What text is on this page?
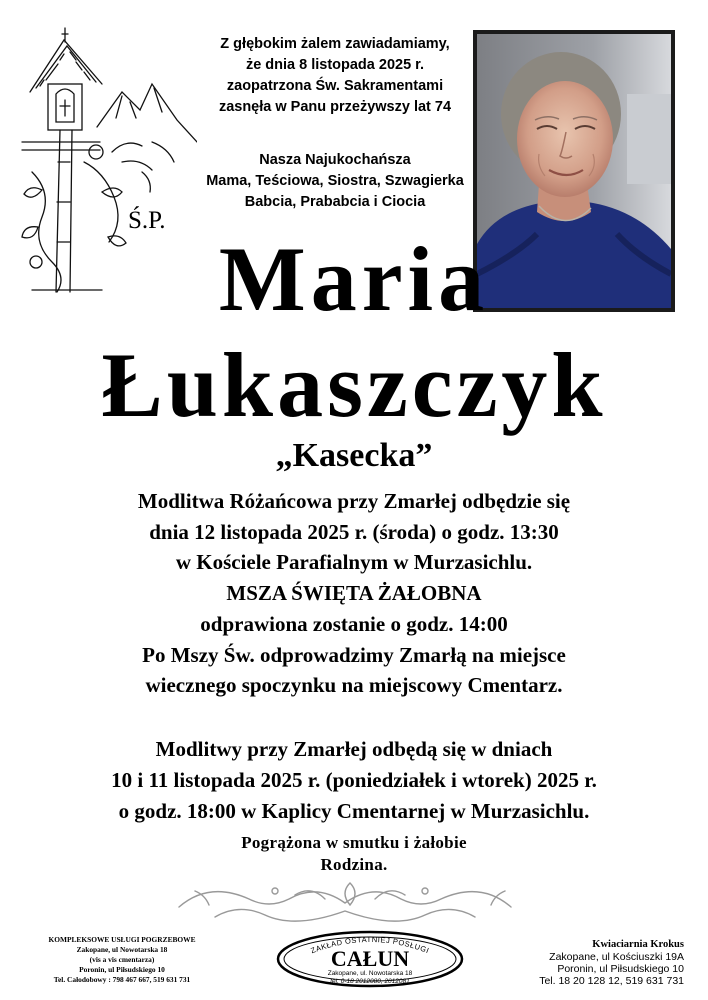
Z głębokim żalem zawiadamiamy,
że dnia 8 listopada 2025 r.
zaopatrzona Św. Sakramentami
zasnęła w Panu przeżywszy lat 74
Nasza Najukochańsza
Mama, Teściowa, Siostra, Szwagierka
Babcia, Prababcia i Ciocia
Ś.P.
Maria
Łukaszczyk
„Kasecka”
Modlitwa Różańcowa przy Zmarłej odbędzie się
dnia 12 listopada 2025 r. (środa) o godz. 13:30
w Kościele Parafialnym w Murzasichlu.
MSZA ŚWIĘTA ŻAŁOBNA
odprawiona zostanie o godz. 14:00
Po Mszy Św. odprowadzimy Zmarłą na miejsce
wiecznego spoczynku na miejscowy Cmentarz.
Modlitwy przy Zmarłej odbędą się w dniach
10 i 11 listopada 2025 r. (poniedziałek i wtorek) 2025 r.
o godz. 18:00 w Kaplicy Cmentarnej w Murzasichlu.
Pogrążona w smutku i żałobie
Rodzina.
KOMPLEKSOWE USŁUGI POGRZEBOWE
Zakopane, ul Nowotarska 18
(vis a vis cmentarza)
Poronin, ul Piłsudskiego 10
Tel. Całodobowy : 798 467 667, 519 631 731
ZAKŁAD OSTATNIEJ POSŁUGI
CAŁUN
Zakopane, ul. Nowotarska 18
tel. 0-18 2012080, 2012081
Kwiaciarnia Krokus
Zakopane, ul Kościuszki 19A
Poronin, ul Piłsudskiego 10
Tel. 18 20 128 12, 519 631 731
